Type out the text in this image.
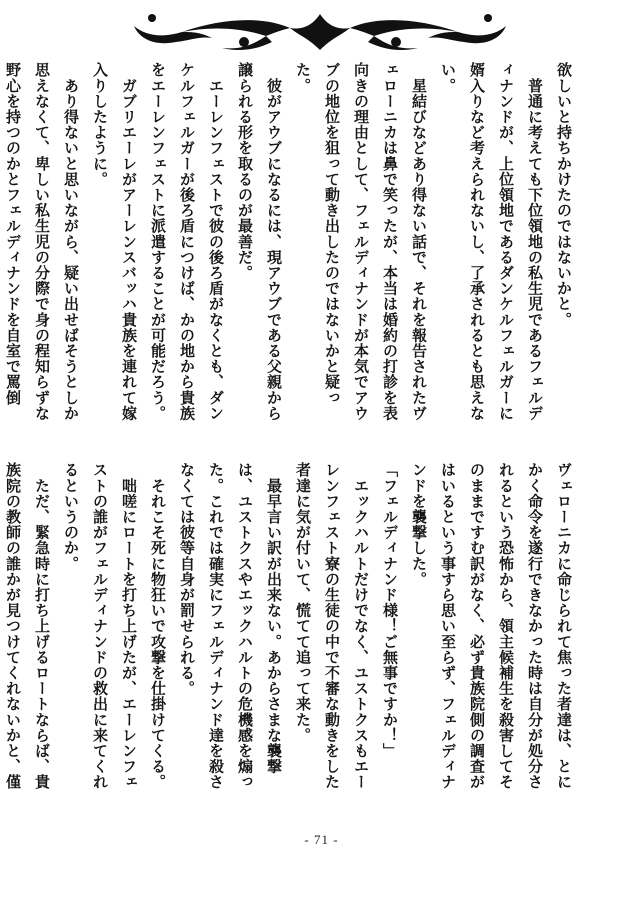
欲しいと持ちかけたのではないかと。
　普通に考えても下位領地の私生児であるフェルディナンドが、上位領地であるダンケルフェルガーに婿入りなど考えられないし、了承されるとも思えない。
　星結びなどあり得ない話で、それを報告されたヴェローニカは鼻で笑ったが、本当は婚約の打診を表向きの理由として、フェルディナンドが本気でアウブの地位を狙って動き出したのではないかと疑った。
　彼がアウブになるには、現アウブである父親から譲られる形を取るのが最善だ。
　エーレンフェストで彼の後ろ盾がなくとも、ダンケルフェルガーが後ろ盾につけば、かの地から貴族をエーレンフェストに派遣することが可能だろう。
　ガブリエーレがアーレンスバッハ貴族を連れて嫁入りしたように。
　あり得ないと思いながら、疑い出せばそうとしか思えなくて、卑しい私生児の分際で身の程知らずな野心を持つのかとフェルディナンドを自室で罵倒

ヴェローニカに命じられて焦った者達は、とにかく命令を遂行できなかった時は自分が処分されるという恐怖から、領主候補生を殺害してそのままですむ訳がなく、必ず貴族院側の調査がはいるという事すら思い至らず、フェルディナンドを襲撃した。
「フェルディナンド様！ご無事ですか！」
　エックハルトだけでなく、ユストクスもエーレンフェスト寮の生徒の中で不審な動きをした者達に気が付いて、慌てて追って来た。
　最早言い訳が出来ない。あからさまな襲撃は、ユストクスやエックハルトの危機感を煽った。これでは確実にフェルディナンド達を殺さなくては彼等自身が罰せられる。
　それこそ死に物狂いで攻撃を仕掛けてくる。
　咄嗟にロートを打ち上げたが、エーレンフェストの誰がフェルディナンドの救出に来てくれるというのか。
　ただ、緊急時に打ち上げるロートならば、貴族院の教師の誰かが見つけてくれないかと、僅

- 71 -
